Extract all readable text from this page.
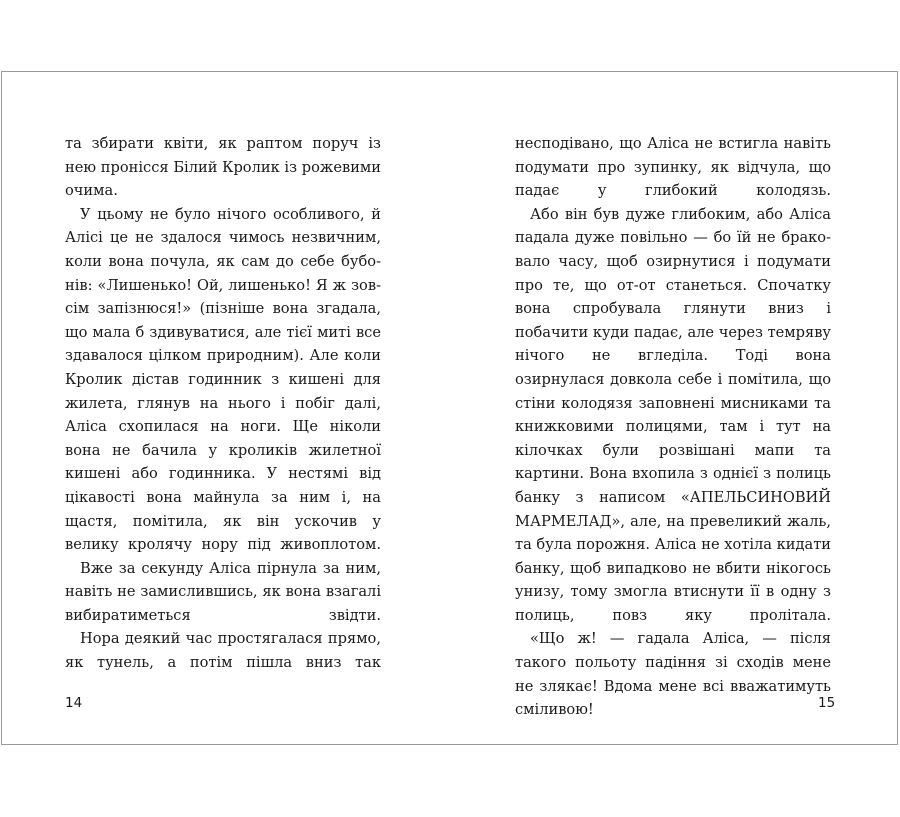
та збирати квіти, як раптом поруч із нею пронісся Білий Кролик із рожевими очима.

У цьому не було нічого особливого, й Алісі це не здалося чимось незвичним, коли вона почула, як сам до себе бубонів: «Лишенько! Ой, лишенько! Я ж зовсім запізнюся!» (пізніше вона згадала, що мала б здивуватися, але тієї миті все здавалося цілком природним). Але коли Кролик дістав годинник з кишені для жилета, глянув на нього і побіг далі, Аліса схопилася на ноги. Ще ніколи вона не бачила у кроликів жилетної кишені або годинника. У нестямі від цікавості вона майнула за ним і, на щастя, помітила, як він ускочив у велику кролячу нору під живоплотом.

Вже за секунду Аліса пірнула за ним, навіть не замислившись, як вона взагалі вибиратиметься звідти.

Нора деякий час простягалася прямо, як тунель, а потім пішла вниз так

несподівано, що Аліса не встигла навіть подумати про зупинку, як відчула, що падає у глибокий колодязь.

Або він був дуже глибоким, або Аліса падала дуже повільно — бо їй не браковало часу, щоб озирнутися і подумати про те, що от-от станеться. Спочатку вона спробувала глянути вниз і побачити куди падає, але через темряву нічого не вгледіла. Тоді вона озирнулася довкола себе і помітила, що стіни колодязя заповнені мисниками та книжковими полицями, там і тут на кілочках були розвішані мапи та картини. Вона вхопила з однієї з полиць банку з написом «АПЕЛЬСИНОВИЙ МАРМЕЛАД», але, на превеликий жаль, та була порожня. Аліса не хотіла кидати банку, щоб випадково не вбити нікогось унизу, тому змогла втиснути її в одну з полиць, повз яку пролітала.

«Що ж! — гадала Аліса, — після такого польоту падіння зі сходів мене не злякає! Вдома мене всі вважатимуть сміливою!

14	15
